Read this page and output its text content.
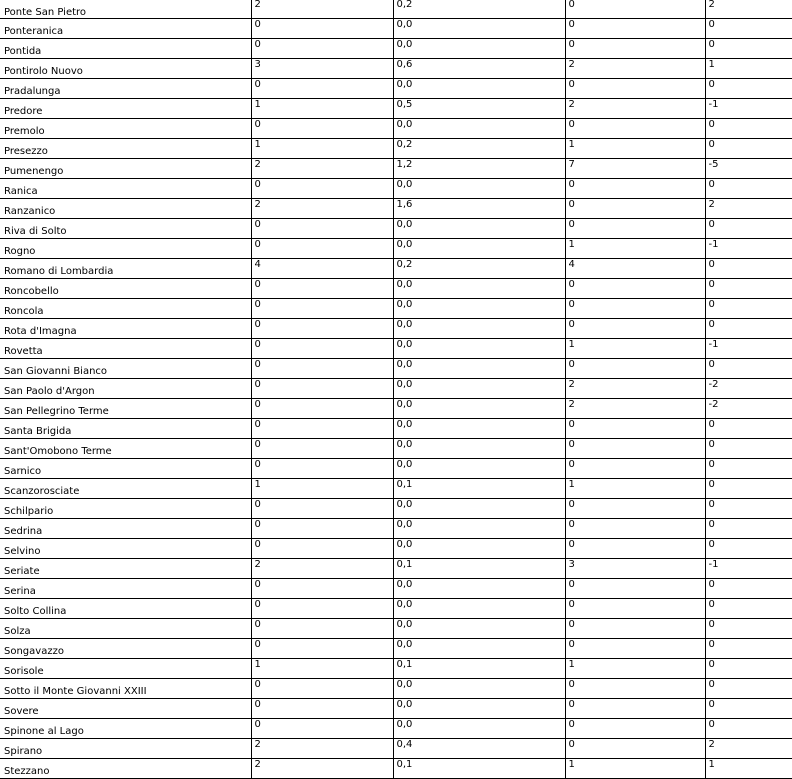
Ponte San Pietro	2	0,2	0	2
Ponteranica	0	0,0	0	0
Pontida	0	0,0	0	0
Pontirolo Nuovo	3	0,6	2	1
Pradalunga	0	0,0	0	0
Predore	1	0,5	2	-1
Premolo	0	0,0	0	0
Presezzo	1	0,2	1	0
Pumenengo	2	1,2	7	-5
Ranica	0	0,0	0	0
Ranzanico	2	1,6	0	2
Riva di Solto	0	0,0	0	0
Rogno	0	0,0	1	-1
Romano di Lombardia	4	0,2	4	0
Roncobello	0	0,0	0	0
Roncola	0	0,0	0	0
Rota d'Imagna	0	0,0	0	0
Rovetta	0	0,0	1	-1
San Giovanni Bianco	0	0,0	0	0
San Paolo d'Argon	0	0,0	2	-2
San Pellegrino Terme	0	0,0	2	-2
Santa Brigida	0	0,0	0	0
Sant'Omobono Terme	0	0,0	0	0
Sarnico	0	0,0	0	0
Scanzorosciate	1	0,1	1	0
Schilpario	0	0,0	0	0
Sedrina	0	0,0	0	0
Selvino	0	0,0	0	0
Seriate	2	0,1	3	-1
Serina	0	0,0	0	0
Solto Collina	0	0,0	0	0
Solza	0	0,0	0	0
Songavazzo	0	0,0	0	0
Sorisole	1	0,1	1	0
Sotto il Monte Giovanni XXIII	0	0,0	0	0
Sovere	0	0,0	0	0
Spinone al Lago	0	0,0	0	0
Spirano	2	0,4	0	2
Stezzano	2	0,1	1	1
